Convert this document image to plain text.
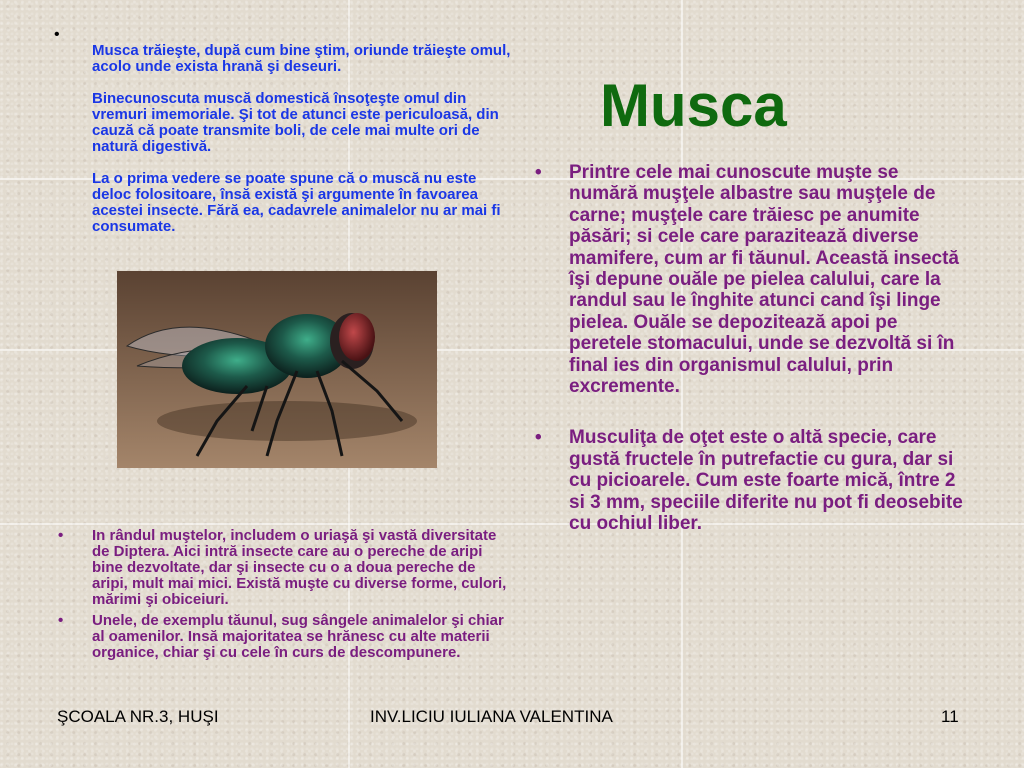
•

Musca trăieşte, după cum bine ştim, oriunde trăieşte omul, acolo unde exista hrană şi deseuri.

Binecunoscuta muscă domestică însoţeşte omul din vremuri imemoriale. Şi tot de atunci este periculoasă, din cauză că poate transmite boli, de cele mai multe ori de natură digestivă.

La o prima vedere se poate spune că o muscă nu este deloc folositoare, însă există şi argumente în favoarea acestei insecte. Fără ea, cadavrele animalelor nu ar mai fi consumate.

Musca
• Printre cele mai cunoscute muşte se numără muşţele albastre sau muşţele de carne; muşţele care trăiesc pe anumite păsări; si cele care parazitează diverse mamifere, cum ar fi tăunul. Această insectă îşi depune ouăle pe pielea calului, care la randul sau le înghite atunci cand îşi linge pielea. Ouăle se depozitează apoi pe peretele stomacului, unde se dezvoltă si în final ies din organismul calului, prin excremente.
• Musculiţa de oţet este o altă specie, care gustă fructele în putrefactie cu gura, dar si cu picioarele. Cum este foarte mică, între 2 si 3 mm, speciile diferite nu pot fi deosebite cu ochiul liber.
• In rândul muştelor, includem o uriaşă şi vastă diversitate de Diptera. Aici intră insecte care au o pereche de aripi bine dezvoltate, dar şi insecte cu o a doua pereche de aripi, mult mai mici. Există muşte cu diverse forme, culori, mărimi şi obiceiuri.
• Unele, de exemplu tăunul, sug sângele animalelor şi chiar al oamenilor. Insă majoritatea se hrănesc cu alte materii organice, chiar şi cu cele în curs de descompunere.
ŞCOALA NR.3, HUŞI	INV.LICIU IULIANA VALENTINA	11
